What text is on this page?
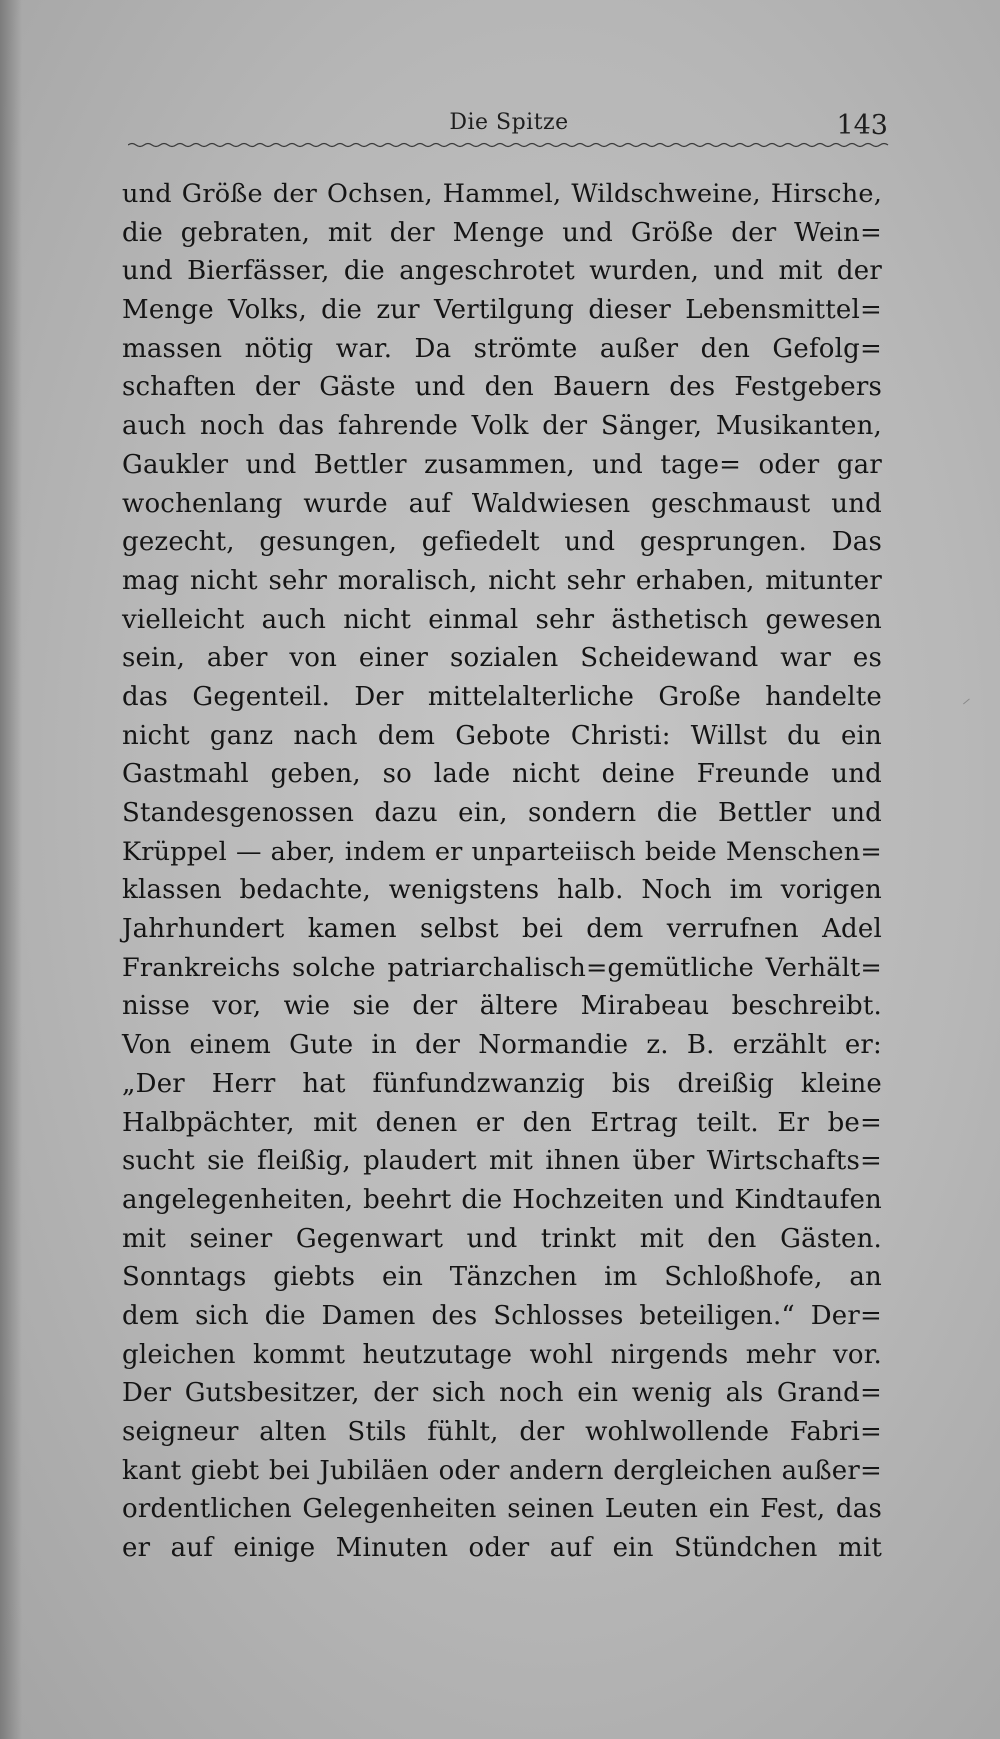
Die Spitze	143
und Größe der Ochsen, Hammel, Wildschweine, Hirsche,
die gebraten, mit der Menge und Größe der Wein=
und Bierfässer, die angeschrotet wurden, und mit der
Menge Volks, die zur Vertilgung dieser Lebensmittel=
massen nötig war. Da strömte außer den Gefolg=
schaften der Gäste und den Bauern des Festgebers
auch noch das fahrende Volk der Sänger, Musikanten,
Gaukler und Bettler zusammen, und tage= oder gar
wochenlang wurde auf Waldwiesen geschmaust und
gezecht, gesungen, gefiedelt und gesprungen. Das
mag nicht sehr moralisch, nicht sehr erhaben, mitunter
vielleicht auch nicht einmal sehr ästhetisch gewesen
sein, aber von einer sozialen Scheidewand war es
das Gegenteil. Der mittelalterliche Große handelte
nicht ganz nach dem Gebote Christi: Willst du ein
Gastmahl geben, so lade nicht deine Freunde und
Standesgenossen dazu ein, sondern die Bettler und
Krüppel — aber, indem er unparteiisch beide Menschen=
klassen bedachte, wenigstens halb. Noch im vorigen
Jahrhundert kamen selbst bei dem verrufnen Adel
Frankreichs solche patriarchalisch=gemütliche Verhält=
nisse vor, wie sie der ältere Mirabeau beschreibt.
Von einem Gute in der Normandie z. B. erzählt er:
„Der Herr hat fünfundzwanzig bis dreißig kleine
Halbpächter, mit denen er den Ertrag teilt. Er be=
sucht sie fleißig, plaudert mit ihnen über Wirtschafts=
angelegenheiten, beehrt die Hochzeiten und Kindtaufen
mit seiner Gegenwart und trinkt mit den Gästen.
Sonntags giebts ein Tänzchen im Schloßhofe, an
dem sich die Damen des Schlosses beteiligen.“ Der=
gleichen kommt heutzutage wohl nirgends mehr vor.
Der Gutsbesitzer, der sich noch ein wenig als Grand=
seigneur alten Stils fühlt, der wohlwollende Fabri=
kant giebt bei Jubiläen oder andern dergleichen außer=
ordentlichen Gelegenheiten seinen Leuten ein Fest, das
er auf einige Minuten oder auf ein Stündchen mit
